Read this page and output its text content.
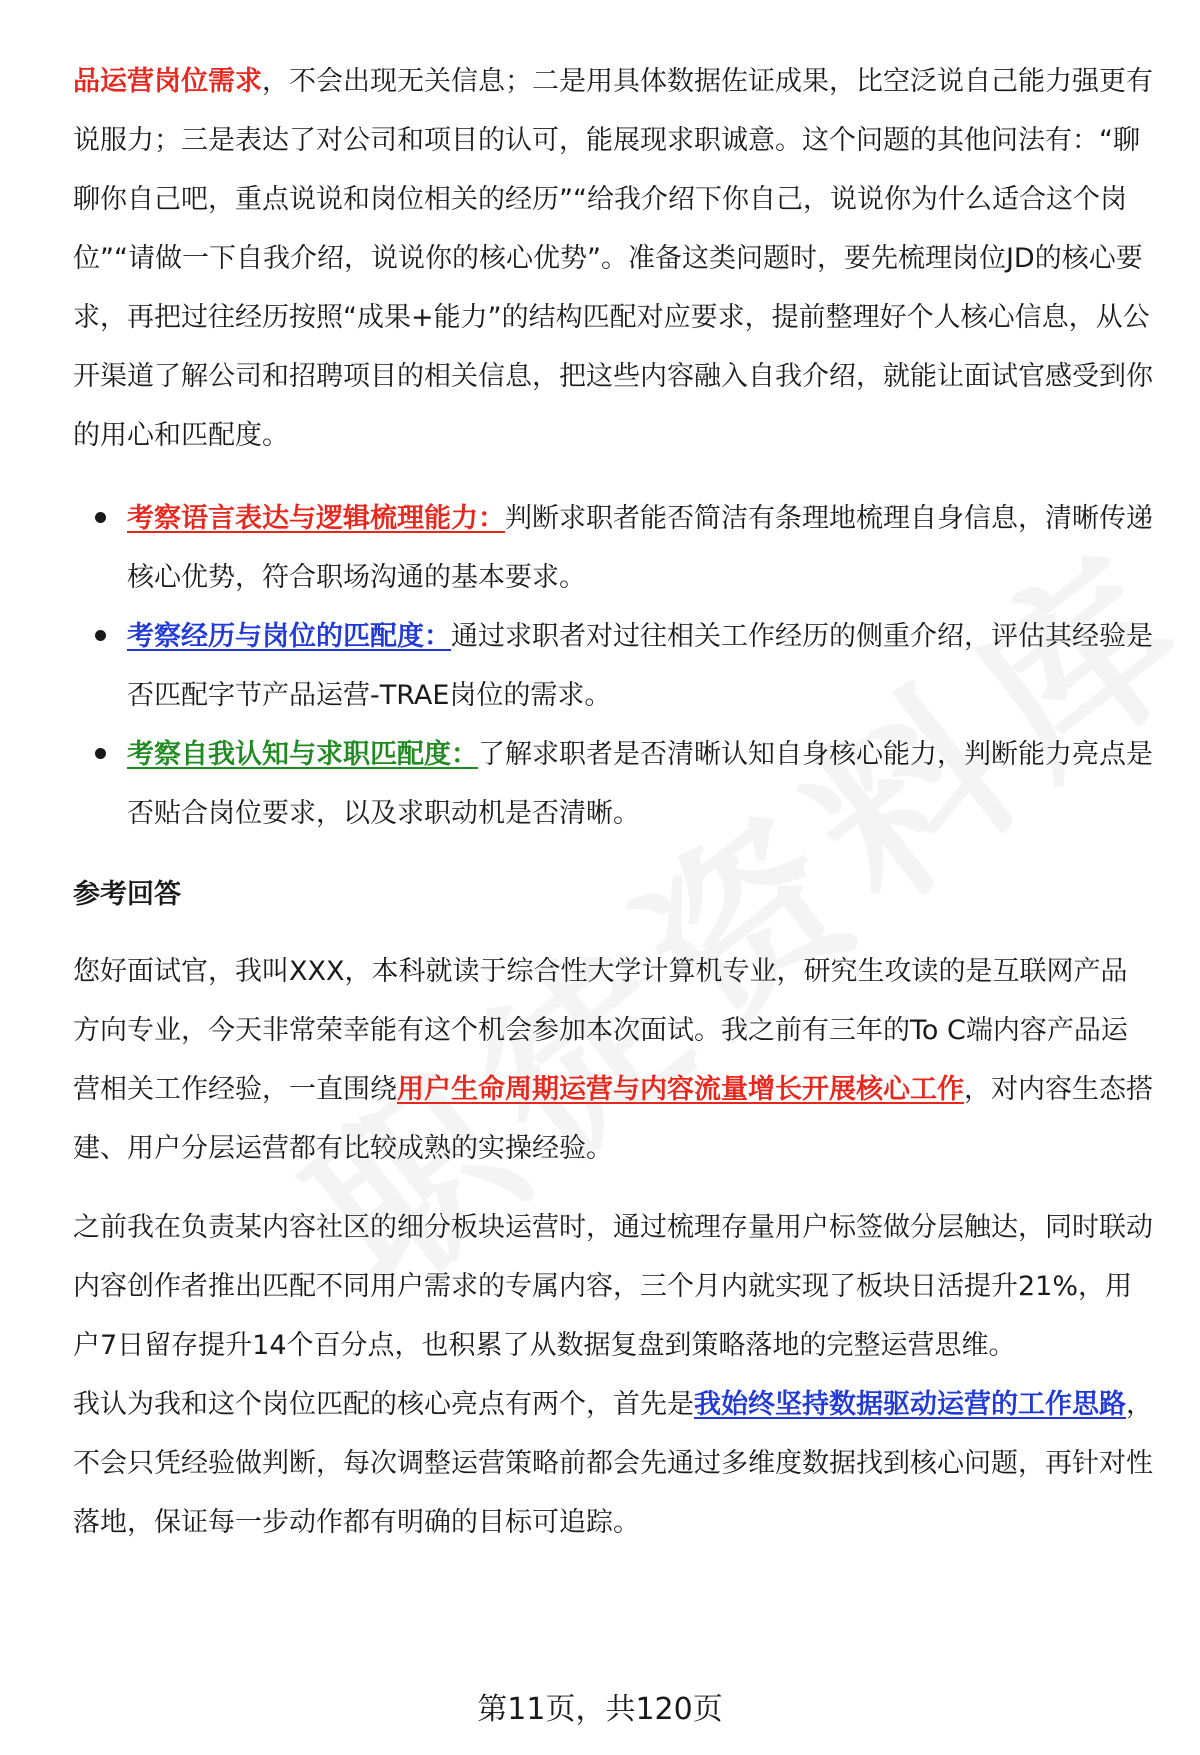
品运营岗位需求，不会出现无关信息；二是用具体数据佐证成果，比空泛说自己能力强更有说服力；三是表达了对公司和项目的认可，能展现求职诚意。这个问题的其他问法有：“聊聊你自己吧，重点说说和岗位相关的经历”“给我介绍下你自己，说说你为什么适合这个岗位”“请做一下自我介绍，说说你的核心优势”。准备这类问题时，要先梳理岗位JD的核心要求，再把过往经历按照“成果+能力”的结构匹配对应要求，提前整理好个人核心信息，从公开渠道了解公司和招聘项目的相关信息，把这些内容融入自我介绍，就能让面试官感受到你的用心和匹配度。

考察语言表达与逻辑梳理能力：判断求职者能否简洁有条理地梳理自身信息，清晰传递核心优势，符合职场沟通的基本要求。
考察经历与岗位的匹配度：通过求职者对过往相关工作经历的侧重介绍，评估其经验是否匹配字节产品运营-TRAE岗位的需求。
考察自我认知与求职匹配度：了解求职者是否清晰认知自身核心能力，判断能力亮点是否贴合岗位要求，以及求职动机是否清晰。
参考回答

您好面试官，我叫XXX，本科就读于综合性大学计算机专业，研究生攻读的是互联网产品方向专业，今天非常荣幸能有这个机会参加本次面试。我之前有三年的To C端内容产品运营相关工作经验，一直围绕用户生命周期运营与内容流量增长开展核心工作，对内容生态搭建、用户分层运营都有比较成熟的实操经验。

之前我在负责某内容社区的细分板块运营时，通过梳理存量用户标签做分层触达，同时联动内容创作者推出匹配不同用户需求的专属内容，三个月内就实现了板块日活提升21%，用户7日留存提升14个百分点，也积累了从数据复盘到策略落地的完整运营思维。

我认为我和这个岗位匹配的核心亮点有两个，首先是我始终坚持数据驱动运营的工作思路，不会只凭经验做判断，每次调整运营策略前都会先通过多维度数据找到核心问题，再针对性落地，保证每一步动作都有明确的目标可追踪。

第11页，共120页
